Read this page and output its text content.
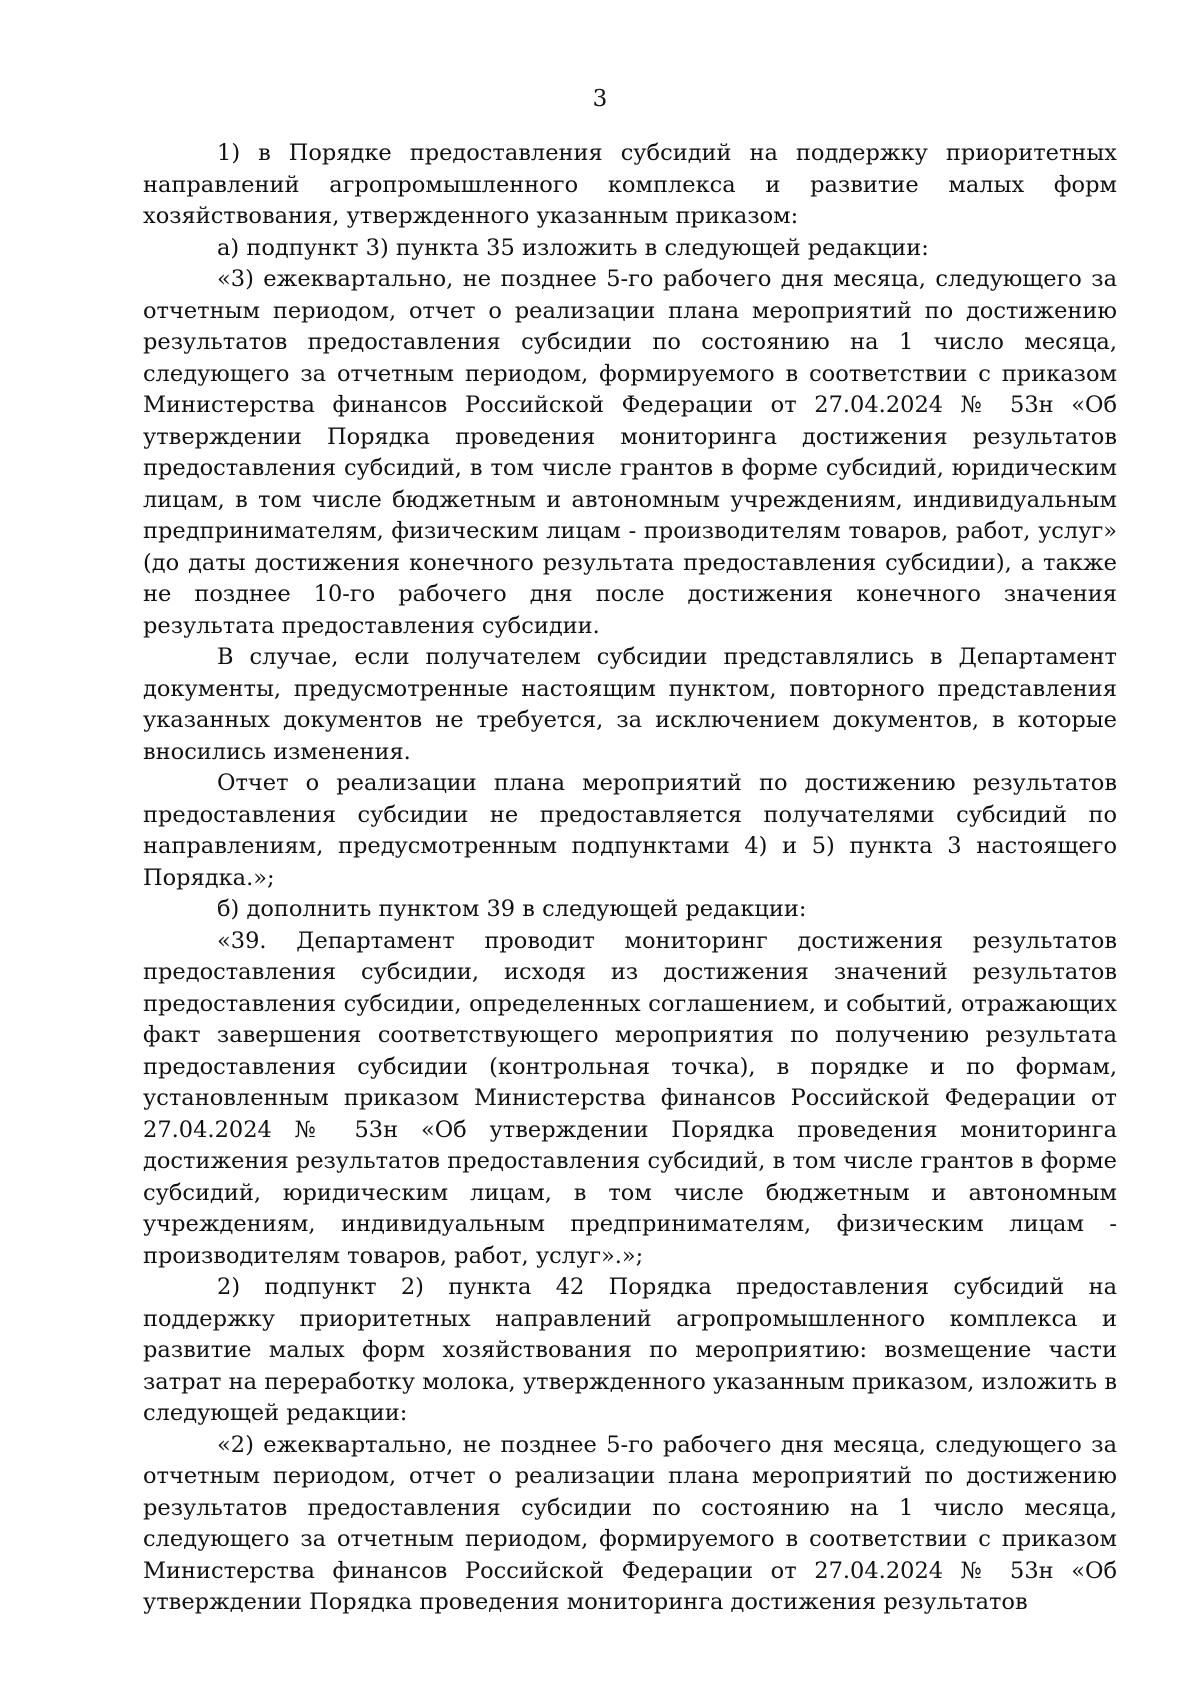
3

1) в Порядке предоставления субсидий на поддержку приоритетных направлений агропромышленного комплекса и развитие малых форм хозяйствования, утвержденного указанным приказом:

а) подпункт 3) пункта 35 изложить в следующей редакции:

«3) ежеквартально, не позднее 5-го рабочего дня месяца, следующего за отчетным периодом, отчет о реализации плана мероприятий по достижению результатов предоставления субсидии по состоянию на 1 число месяца, следующего за отчетным периодом, формируемого в соответствии с приказом Министерства финансов Российской Федерации от 27.04.2024 № 53н «Об утверждении Порядка проведения мониторинга достижения результатов предоставления субсидий, в том числе грантов в форме субсидий, юридическим лицам, в том числе бюджетным и автономным учреждениям, индивидуальным предпринимателям, физическим лицам - производителям товаров, работ, услуг» (до даты достижения конечного результата предоставления субсидии), а также не позднее 10-го рабочего дня после достижения конечного значения результата предоставления субсидии.

В случае, если получателем субсидии представлялись в Департамент документы, предусмотренные настоящим пунктом, повторного представления указанных документов не требуется, за исключением документов, в которые вносились изменения.

Отчет о реализации плана мероприятий по достижению результатов предоставления субсидии не предоставляется получателями субсидий по направлениям, предусмотренным подпунктами 4) и 5) пункта 3 настоящего Порядка.»;

б) дополнить пунктом 39 в следующей редакции:

«39. Департамент проводит мониторинг достижения результатов предоставления субсидии, исходя из достижения значений результатов предоставления субсидии, определенных соглашением, и событий, отражающих факт завершения соответствующего мероприятия по получению результата предоставления субсидии (контрольная точка), в порядке и по формам, установленным приказом Министерства финансов Российской Федерации от 27.04.2024 № 53н «Об утверждении Порядка проведения мониторинга достижения результатов предоставления субсидий, в том числе грантов в форме субсидий, юридическим лицам, в том числе бюджетным и автономным учреждениям, индивидуальным предпринимателям, физическим лицам - производителям товаров, работ, услуг».»;

2) подпункт 2) пункта 42 Порядка предоставления субсидий на поддержку приоритетных направлений агропромышленного комплекса и развитие малых форм хозяйствования по мероприятию: возмещение части затрат на переработку молока, утвержденного указанным приказом, изложить в следующей редакции:

«2) ежеквартально, не позднее 5-го рабочего дня месяца, следующего за отчетным периодом, отчет о реализации плана мероприятий по достижению результатов предоставления субсидии по состоянию на 1 число месяца, следующего за отчетным периодом, формируемого в соответствии с приказом Министерства финансов Российской Федерации от 27.04.2024 № 53н «Об утверждении Порядка проведения мониторинга достижения результатов
